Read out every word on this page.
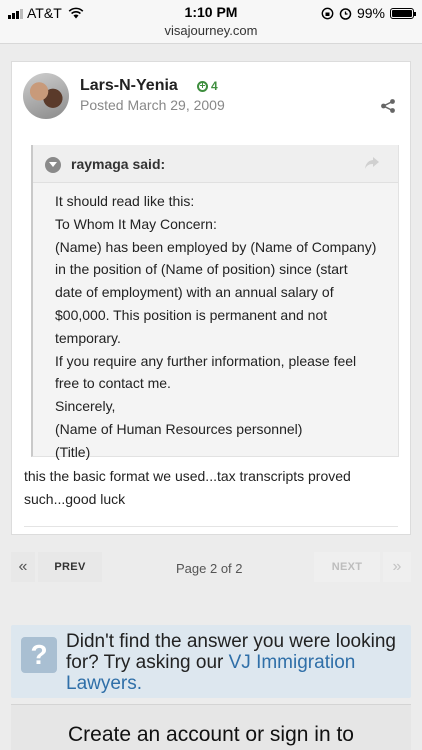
AT&T	1:10 PM
visajourney.com
99%
Lars-N-Yenia	4
Posted March 29, 2009
raymaga said:
It should read like this:
To Whom It May Concern:
(Name) has been employed by (Name of Company)
in the position of (Name of position) since (start
date of employment) with an annual salary of
$00,000. This position is permanent and not
temporary.
If you require any further information, please feel
free to contact me.
Sincerely,
(Name of Human Resources personnel)
(Title)
this the basic format we used...tax transcripts proved
such...good luck
«	PREV	Page 2 of 2	NEXT	»
? Didn't find the answer you were looking for? Try asking our VJ Immigration Lawyers.
Create an account or sign in to
